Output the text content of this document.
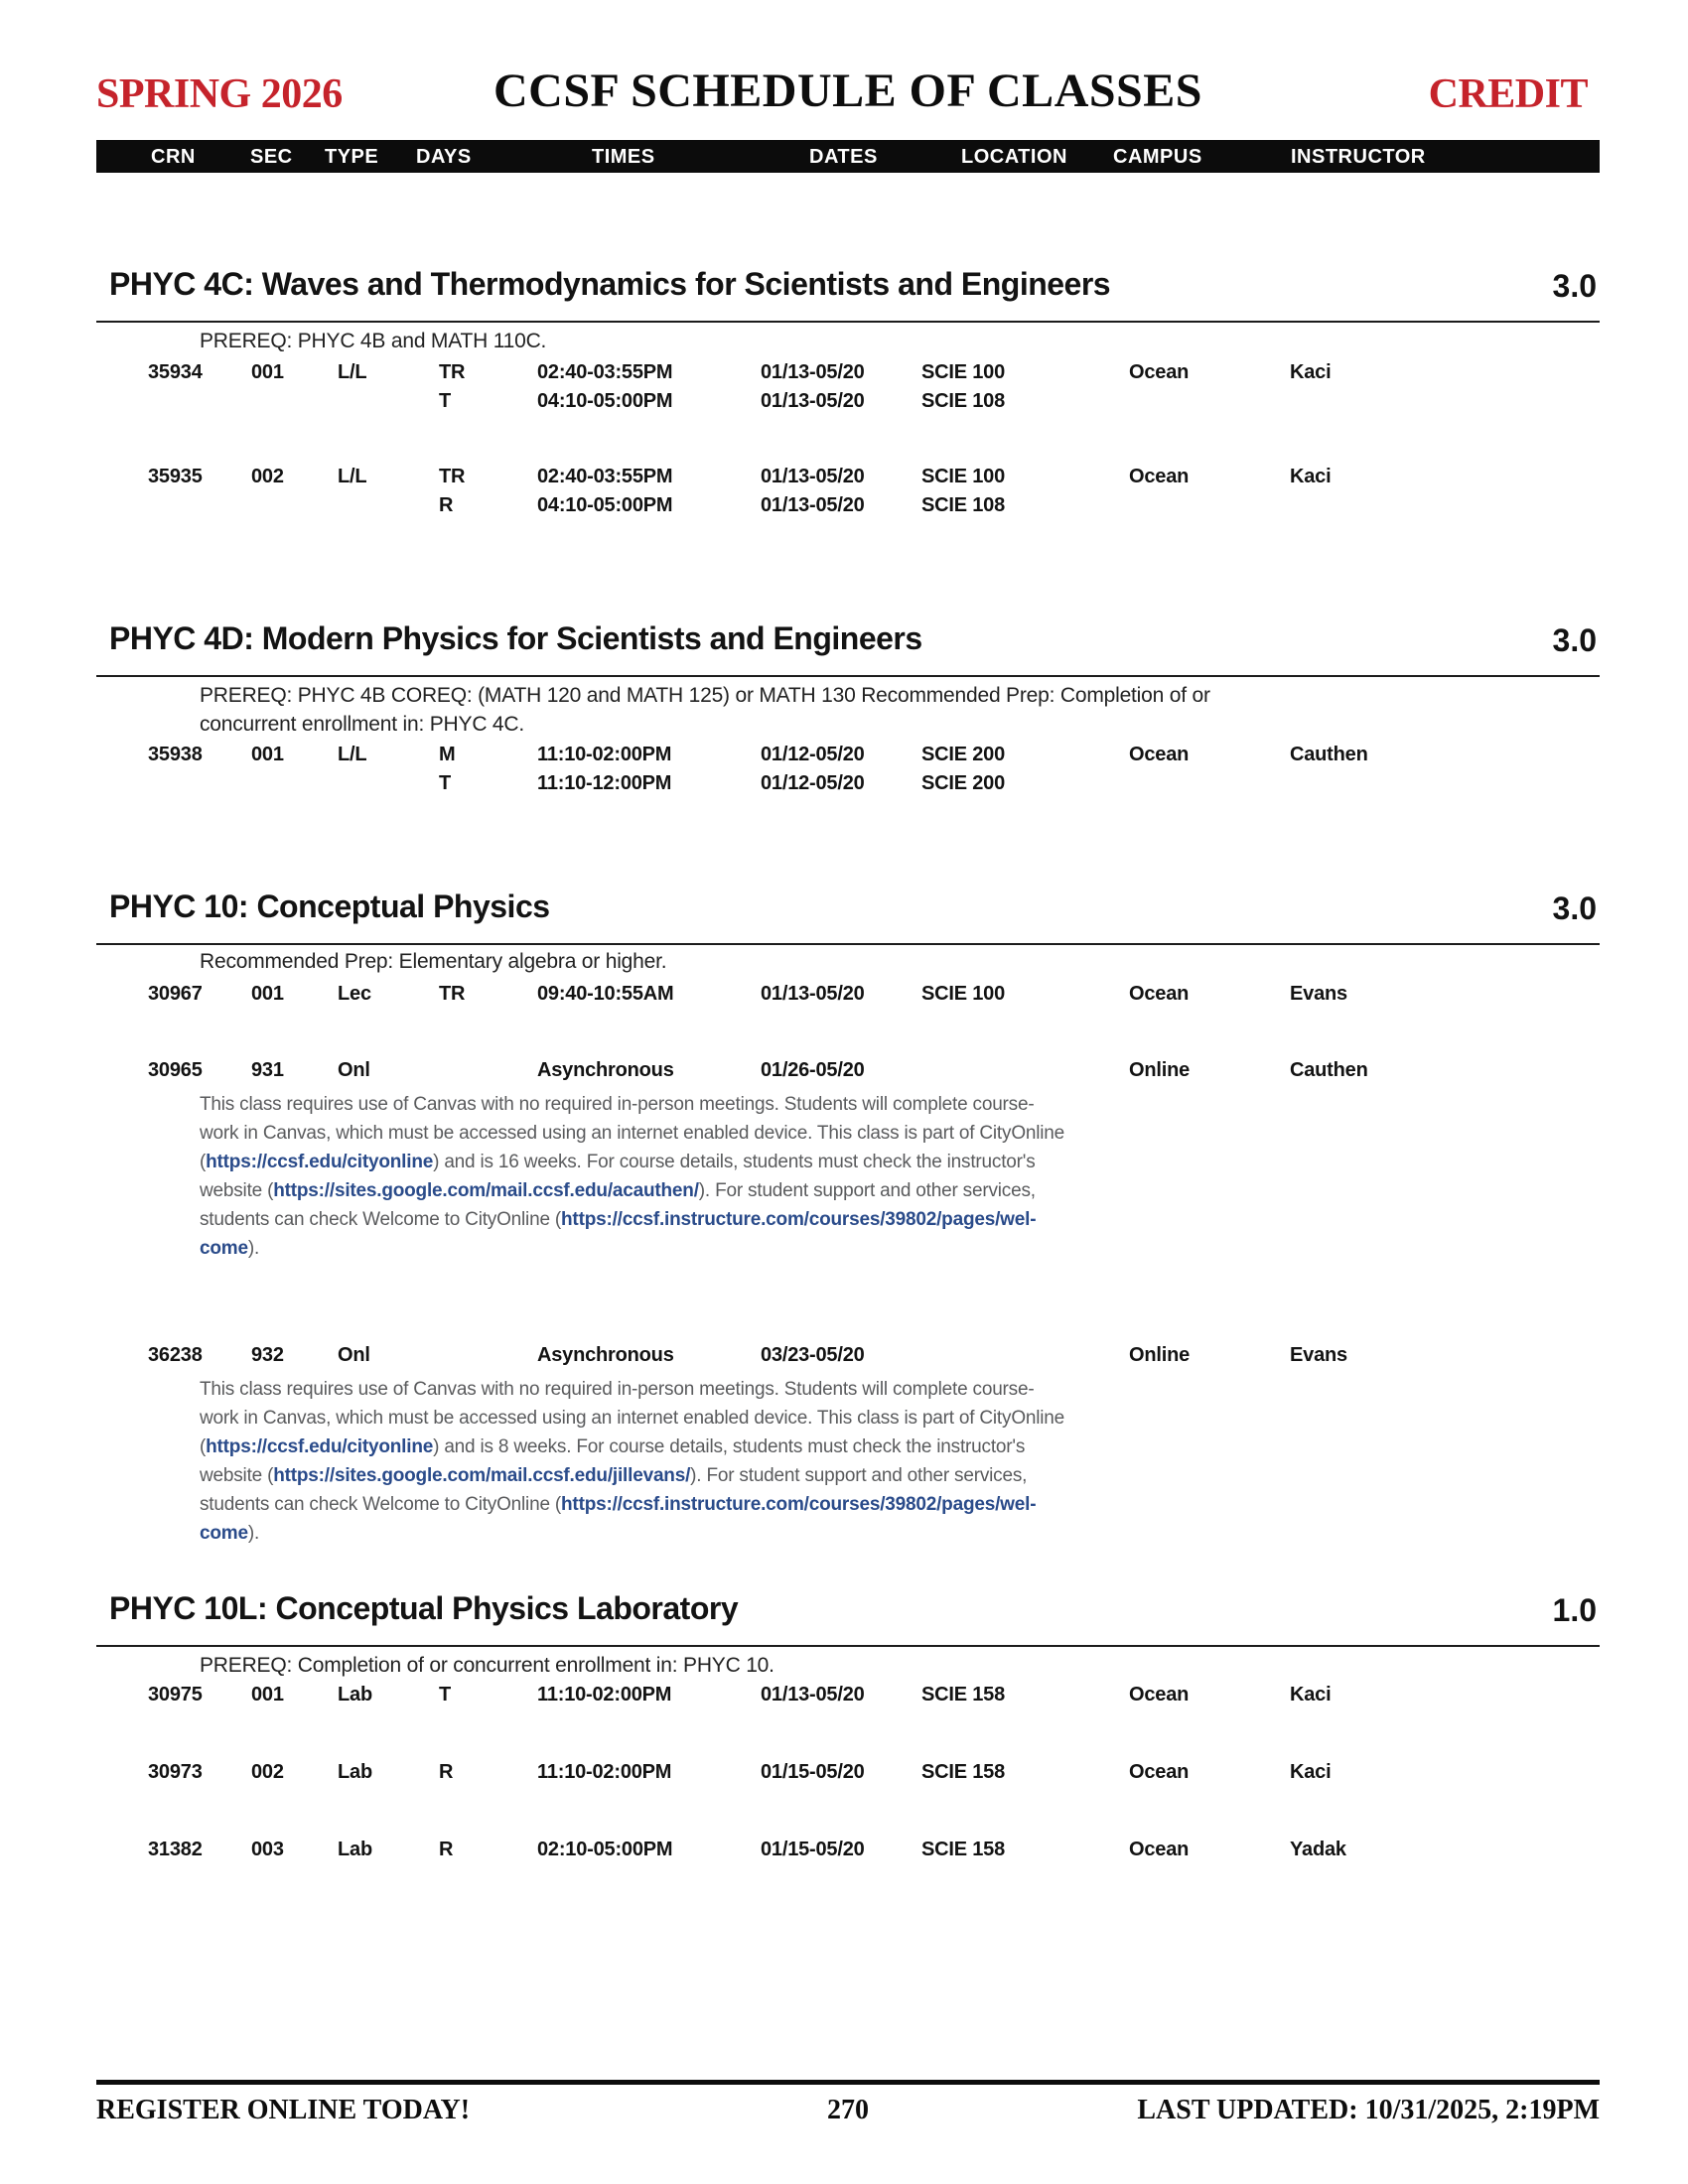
SPRING 2026	CCSF SCHEDULE OF CLASSES	CREDIT
CRN	SEC TYPE DAYS	TIMES	DATES	LOCATION CAMPUS	INSTRUCTOR
PHYC 4C: Waves and Thermodynamics for Scientists and Engineers	3.0
PREREQ: PHYC 4B and MATH 110C.
35934 001	L/L	TR	02:40-03:55PM	01/13-05/20	SCIE 100	Ocean	Kaci
T	04:10-05:00PM	01/13-05/20	SCIE 108
35935 002	L/L	TR	02:40-03:55PM	01/13-05/20	SCIE 100	Ocean	Kaci
R	04:10-05:00PM	01/13-05/20	SCIE 108
PHYC 4D: Modern Physics for Scientists and Engineers	3.0
PREREQ: PHYC 4B COREQ: (MATH 120 and MATH 125) or MATH 130 Recommended Prep: Completion of or
concurrent enrollment in: PHYC 4C.
35938 001	L/L	M	11:10-02:00PM	01/12-05/20	SCIE 200	Ocean	Cauthen
T	11:10-12:00PM	01/12-05/20	SCIE 200
PHYC 10: Conceptual Physics	3.0
Recommended Prep: Elementary algebra or higher.
30967 001	Lec	TR	09:40-10:55AM	01/13-05/20	SCIE 100	Ocean	Evans
30965 931	Onl	Asynchronous	01/26-05/20	Online	Cauthen
This class requires use of Canvas with no required in-person meetings. Students will complete course-
work in Canvas, which must be accessed using an internet enabled device. This class is part of CityOnline
(https://ccsf.edu/cityonline) and is 16 weeks. For course details, students must check the instructor's
website (https://sites.google.com/mail.ccsf.edu/acauthen/). For student support and other services,
students can check Welcome to CityOnline (https://ccsf.instructure.com/courses/39802/pages/wel-
come).
36238 932	Onl	Asynchronous	03/23-05/20	Online	Evans
This class requires use of Canvas with no required in-person meetings. Students will complete course-
work in Canvas, which must be accessed using an internet enabled device. This class is part of CityOnline
(https://ccsf.edu/cityonline) and is 8 weeks. For course details, students must check the instructor's
website (https://sites.google.com/mail.ccsf.edu/jillevans/). For student support and other services,
students can check Welcome to CityOnline (https://ccsf.instructure.com/courses/39802/pages/wel-
come).
PHYC 10L: Conceptual Physics Laboratory	1.0
PREREQ: Completion of or concurrent enrollment in: PHYC 10.
30975 001	Lab	T	11:10-02:00PM	01/13-05/20	SCIE 158	Ocean	Kaci
30973 002	Lab	R	11:10-02:00PM	01/15-05/20	SCIE 158	Ocean	Kaci
31382 003	Lab	R	02:10-05:00PM	01/15-05/20	SCIE 158	Ocean	Yadak
REGISTER ONLINE TODAY!	270	LAST UPDATED: 10/31/2025, 2:19PM
